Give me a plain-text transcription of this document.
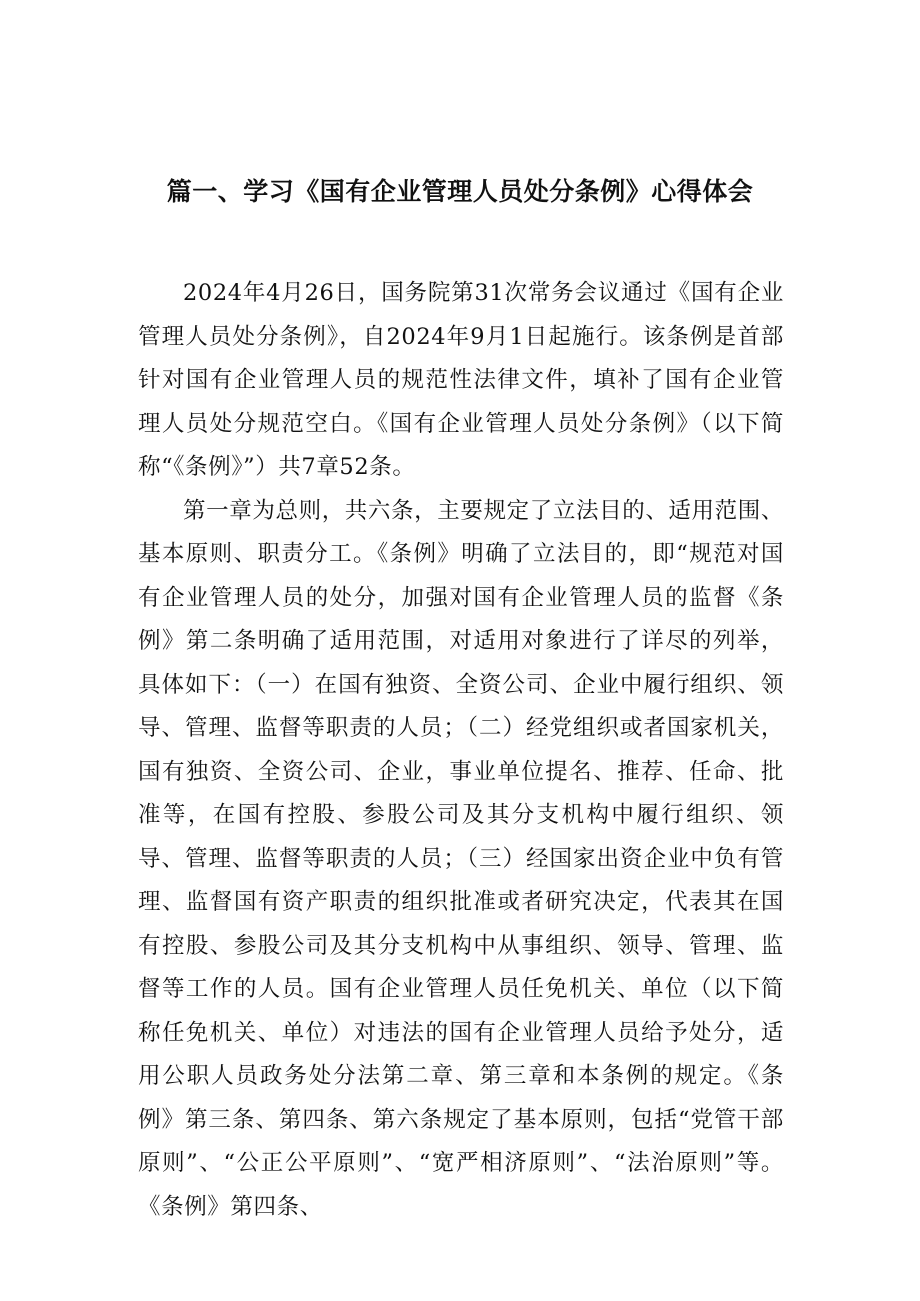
篇一、学习《国有企业管理人员处分条例》心得体会

2024年4月26日，国务院第31次常务会议通过《国有企业管理人员处分条例》，自2024年9月1日起施行。该条例是首部针对国有企业管理人员的规范性法律文件，填补了国有企业管理人员处分规范空白。《国有企业管理人员处分条例》（以下简称“《条例》”）共7章52条。

第一章为总则，共六条，主要规定了立法目的、适用范围、基本原则、职责分工。《条例》明确了立法目的，即“规范对国有企业管理人员的处分，加强对国有企业管理人员的监督《条例》第二条明确了适用范围，对适用对象进行了详尽的列举，具体如下：（一）在国有独资、全资公司、企业中履行组织、领导、管理、监督等职责的人员；（二）经党组织或者国家机关，国有独资、全资公司、企业，事业单位提名、推荐、任命、批准等，在国有控股、参股公司及其分支机构中履行组织、领导、管理、监督等职责的人员；（三）经国家出资企业中负有管理、监督国有资产职责的组织批准或者研究决定，代表其在国有控股、参股公司及其分支机构中从事组织、领导、管理、监督等工作的人员。国有企业管理人员任免机关、单位（以下简称任免机关、单位）对违法的国有企业管理人员给予处分，适用公职人员政务处分法第二章、第三章和本条例的规定。《条例》第三条、第四条、第六条规定了基本原则，包括“党管干部原则”、“公正公平原则”、“宽严相济原则”、“法治原则”等。《条例》第四条、
